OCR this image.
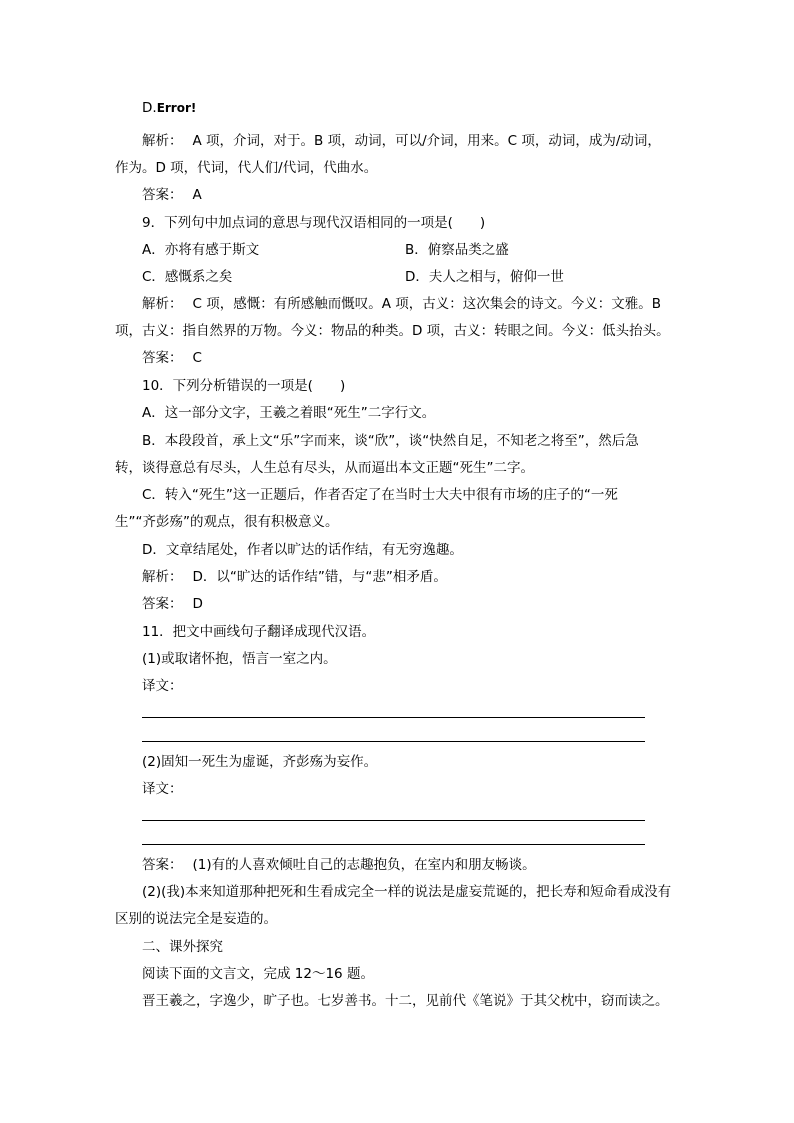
D.Error!
解析： A 项，介词，对于。B 项，动词，可以/介词，用来。C 项，动词，成为/动词，
作为。D 项，代词，代人们/代词，代曲水。
答案： A
9．下列句中加点词的意思与现代汉语相同的一项是(　　)
A．亦将有感于斯文	B．俯察品类之盛
C．感慨系之矣	D．夫人之相与，俯仰一世
解析： C 项，感慨：有所感触而慨叹。A 项，古义：这次集会的诗文。今义：文雅。B
项，古义：指自然界的万物。今义：物品的种类。D 项，古义：转眼之间。今义：低头抬头。
答案： C
10．下列分析错误的一项是(　　)
A．这一部分文字，王羲之着眼“死生”二字行文。
B．本段段首，承上文“乐”字而来，谈“欣”，谈“快然自足，不知老之将至”，然后急
转，谈得意总有尽头，人生总有尽头，从而逼出本文正题“死生”二字。
C．转入“死生”这一正题后，作者否定了在当时士大夫中很有市场的庄子的“一死
生”“齐彭殇”的观点，很有积极意义。
D．文章结尾处，作者以旷达的话作结，有无穷逸趣。
解析： D．以“旷达的话作结”错，与“悲”相矛盾。
答案： D
11．把文中画线句子翻译成现代汉语。
(1)或取诸怀抱，悟言一室之内。
译文：
(2)固知一死生为虚诞，齐彭殇为妄作。
译文：
答案： (1)有的人喜欢倾吐自己的志趣抱负，在室内和朋友畅谈。
(2)(我)本来知道那种把死和生看成完全一样的说法是虚妄荒诞的，把长寿和短命看成没有
区别的说法完全是妄造的。
二、课外探究
阅读下面的文言文，完成 12～16 题。
晋王羲之，字逸少，旷子也。七岁善书。十二，见前代《笔说》于其父枕中，窃而读之。
